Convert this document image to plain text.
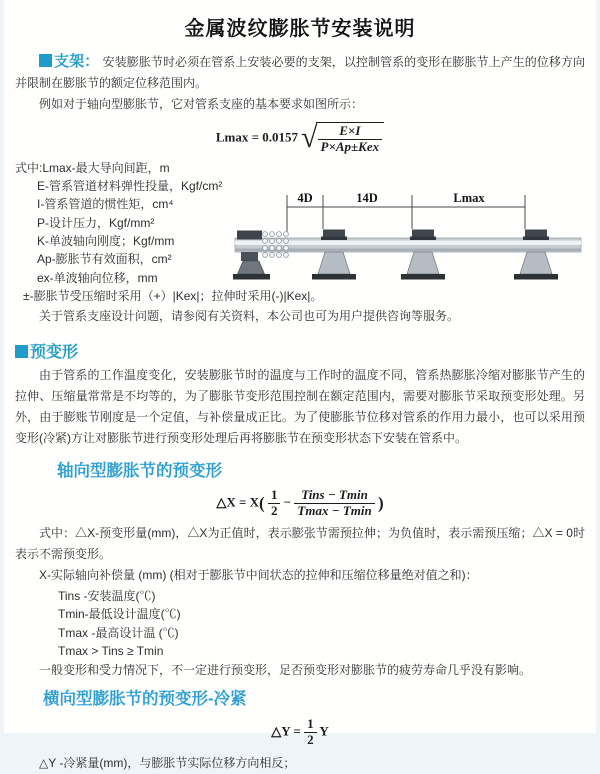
金属波纹膨胀节安装说明

支架： 安装膨胀节时必须在管系上安装必要的支架，以控制管系的变形在膨胀节上产生的位移方向并限制在膨胀节的额定位移范围内。

例如对于轴向型膨胀节，它对管系支座的基本要求如图所示：

Lmax = 0.0157 √ $\frac{E\times I}{\text{P×Ap±Kex}}$
式中:Lmax-最大导向间距，m
E-管系管道材料弹性投量，Kgf/cm²
I-管系管道的惯性矩，cm⁴
P-设计压力，Kgf/mm²
K-单波轴向刚度；Kgf/mm
Ap-膨胀节有效面积，cm²
ex-单波轴向位移，mm
±-膨胀节受压缩时采用（+）|Kex|；拉伸时采用(-)|Kex|。
4D	14D	Lmax

关于管系支座设计问题，请参阅有关资料，本公司也可为用户提供咨询等服务。

预变形

由于管系的工作温度变化，安装膨胀节时的温度与工作时的温度不同，管系热膨胀冷缩对膨胀节产生的拉伸、压缩量常常是不均等的，为了膨胀节变形范围控制在额定范围内，需要对膨胀节采取预变形处理。另外，由于膨账节刚度是一个定值，与补偿量成正比。为了使膨胀节位移对管系的作用力最小，也可以采用预变形(冷紧)方让对膨胀节进行预变形处理后再将膨胀节在预变形状态下安装在管系中。

轴向型膨胀节的预变形
△X = $X( \frac{1}{2} - \frac{\text{Tins − Tmin}}{Tmax - Tmin}$ )

式中：△X-预变形量(mm)，△X为正值时，表示膨张节需预拉伸；为负值时，表示需预压缩；△X = 0时表示不需预变形。

X-实际轴向补偿量 (mm) (相对于膨胀节中间状态的拉伸和压缩位移量绝对值之和)：

Tins -安装温度(℃)
Tmin-最低设计温度(℃)
Tmax -最高设计温 (℃)
Tmax > Tins ≥ Tmin

一般变形和受力情况下，不一定进行预变形，足否预变形对膨胀节的疲劳寿命几乎没有影响。

横向型膨胀节的预变形-冷紧
△Y = $\frac{1}{2}$ Y

△Y -冷紧量(mm)，与膨胀节实际位移方向相反；
